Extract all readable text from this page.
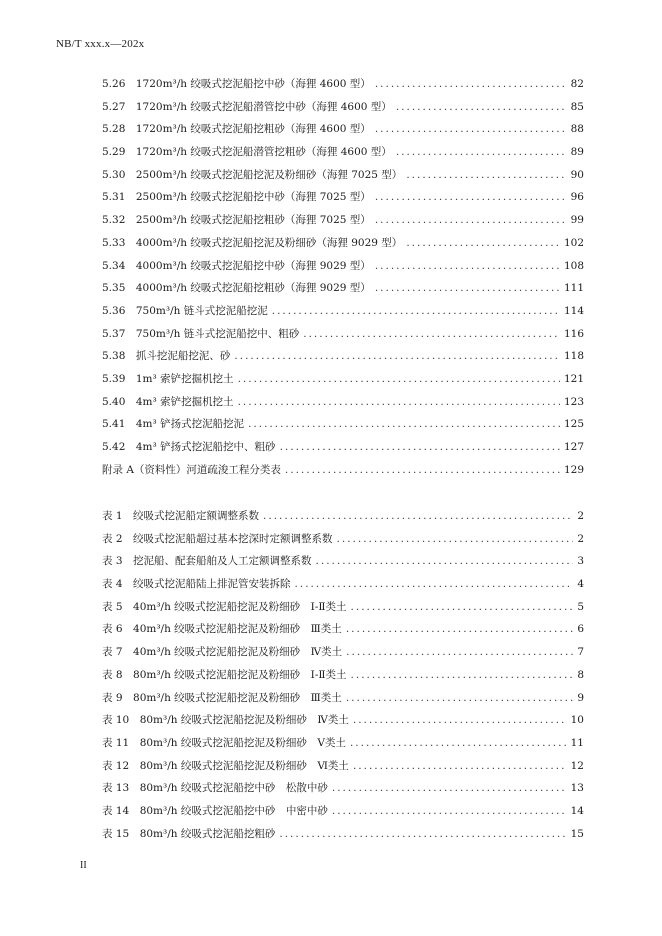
NB/T xxx.x—202x
5.26　1720m³/h 绞吸式挖泥船挖中砂（海狸 4600 型） .....	82
5.27　1720m³/h 绞吸式挖泥船潜管挖中砂（海狸 4600 型） .....	85
5.28　1720m³/h 绞吸式挖泥船挖粗砂（海狸 4600 型） .....	88
5.29　1720m³/h 绞吸式挖泥船潜管挖粗砂（海狸 4600 型） .....	89
5.30　2500m³/h 绞吸式挖泥船挖泥及粉细砂（海狸 7025 型） .....	90
5.31　2500m³/h 绞吸式挖泥船挖中砂（海狸 7025 型） .....	96
5.32　2500m³/h 绞吸式挖泥船挖粗砂（海狸 7025 型） .....	99
5.33　4000m³/h 绞吸式挖泥船挖泥及粉细砂（海狸 9029 型） .....	102
5.34　4000m³/h 绞吸式挖泥船挖中砂（海狸 9029 型） .....	108
5.35　4000m³/h 绞吸式挖泥船挖粗砂（海狸 9029 型） .....	111
5.36　750m³/h 链斗式挖泥船挖泥 .....	114
5.37　750m³/h 链斗式挖泥船挖中、粗砂 .....	116
5.38　抓斗挖泥船挖泥、砂 .....	118
5.39　1m³ 索铲挖掘机挖土 .....	121
5.40　4m³ 索铲挖掘机挖土 .....	123
5.41　4m³ 铲扬式挖泥船挖泥 .....	125
5.42　4m³ 铲扬式挖泥船挖中、粗砂 .....	127
附录 A（资料性）河道疏浚工程分类表 .....	129
表 1　绞吸式挖泥船定额调整系数 .....	2
表 2　绞吸式挖泥船超过基本挖深时定额调整系数 .....	2
表 3　挖泥船、配套船舶及人工定额调整系数 .....	3
表 4　绞吸式挖泥船陆上排泥管安装拆除 .....	4
表 5　40m³/h 绞吸式挖泥船挖泥及粉细砂　Ⅰ-Ⅱ类土 .....	5
表 6　40m³/h 绞吸式挖泥船挖泥及粉细砂　Ⅲ类土 .....	6
表 7　40m³/h 绞吸式挖泥船挖泥及粉细砂　Ⅳ类土 .....	7
表 8　80m³/h 绞吸式挖泥船挖泥及粉细砂　Ⅰ-Ⅱ类土 .....	8
表 9　80m³/h 绞吸式挖泥船挖泥及粉细砂　Ⅲ类土 .....	9
表 10　80m³/h 绞吸式挖泥船挖泥及粉细砂　Ⅳ类土 .....	10
表 11　80m³/h 绞吸式挖泥船挖泥及粉细砂　Ⅴ类土 .....	11
表 12　80m³/h 绞吸式挖泥船挖泥及粉细砂　Ⅵ类土 .....	12
表 13　80m³/h 绞吸式挖泥船挖中砂　松散中砂 .....	13
表 14　80m³/h 绞吸式挖泥船挖中砂　中密中砂 .....	14
表 15　80m³/h 绞吸式挖泥船挖粗砂 .....	15
II
